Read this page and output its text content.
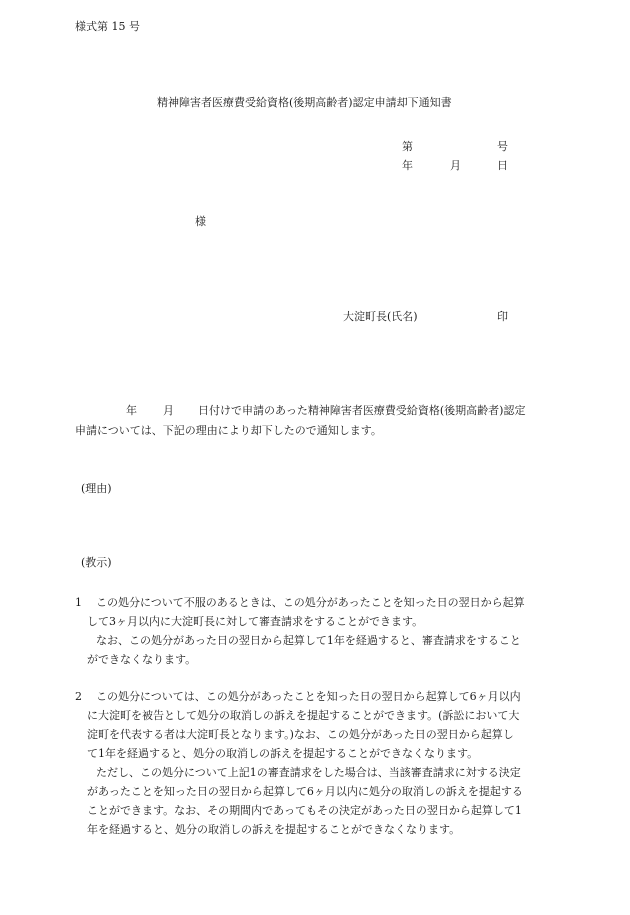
様式第 15 号
精神障害者医療費受給資格(後期高齢者)認定申請却下通知書
第	号
年	月	日
様
大淀町長(氏名)	印
年 月 日付けで申請のあった精神障害者医療費受給資格(後期高齢者)認定
申請については、下記の理由により却下したので通知します。
(理由)
(教示)
1	この処分について不服のあるときは、この処分があったことを知った日の翌日から起算
して3ヶ月以内に大淀町長に対して審査請求をすることができます。
なお、この処分があった日の翌日から起算して1年を経過すると、審査請求をすること
ができなくなります。
2	この処分については、この処分があったことを知った日の翌日から起算して6ヶ月以内
に大淀町を被告として処分の取消しの訴えを提起することができます。(訴訟において大
淀町を代表する者は大淀町長となります。)なお、この処分があった日の翌日から起算し
て1年を経過すると、処分の取消しの訴えを提起することができなくなります。
ただし、この処分について上記1の審査請求をした場合は、当該審査請求に対する決定
があったことを知った日の翌日から起算して6ヶ月以内に処分の取消しの訴えを提起する
ことができます。なお、その期間内であってもその決定があった日の翌日から起算して1
年を経過すると、処分の取消しの訴えを提起することができなくなります。
